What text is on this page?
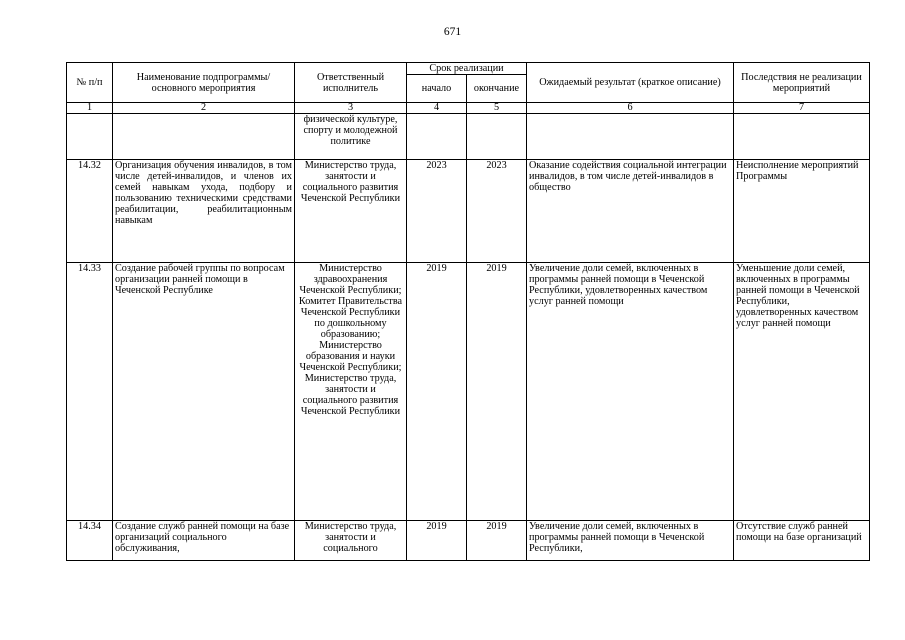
671
№ п/п	Наименование подпрограммы/ основного мероприятия	Ответственный исполнитель	Срок реализации		Ожидаемый результат (краткое описание)	Последствия не реализации мероприятий
			начало	окончание		
1	2	3	4	5	6	7
		физической культуре, спорту и молодежной политике				
14.32	Организация обучения инвалидов, в том числе детей-инвалидов, и членов их семей навыкам ухода, подбору и пользованию техническими средствами реабилитации, реабилитационным навыкам	Министерство труда, занятости и социального развития Чеченской Республики	2023	2023	Оказание содействия социальной интеграции инвалидов, в том числе детей-инвалидов в общество	Неисполнение мероприятий Программы
14.33	Создание рабочей группы по вопросам организации ранней помощи в Чеченской Республике	Министерство здравоохранения Чеченской Республики; Комитет Правительства Чеченской Республики по дошкольному образованию; Министерство образования и науки Чеченской Республики; Министерство труда, занятости и социального развития Чеченской Республики	2019	2019	Увеличение доли семей, включенных в программы ранней помощи в Чеченской Республики, удовлетворенных качеством услуг ранней помощи	Уменьшение доли семей, включенных в программы ранней помощи в Чеченской Республики, удовлетворенных качеством услуг ранней помощи
14.34	Создание служб ранней помощи на базе организаций социального обслуживания,	Министерство труда, занятости и социального	2019	2019	Увеличение доли семей, включенных в программы ранней помощи в Чеченской Республики,	Отсутствие служб ранней помощи на базе организаций
